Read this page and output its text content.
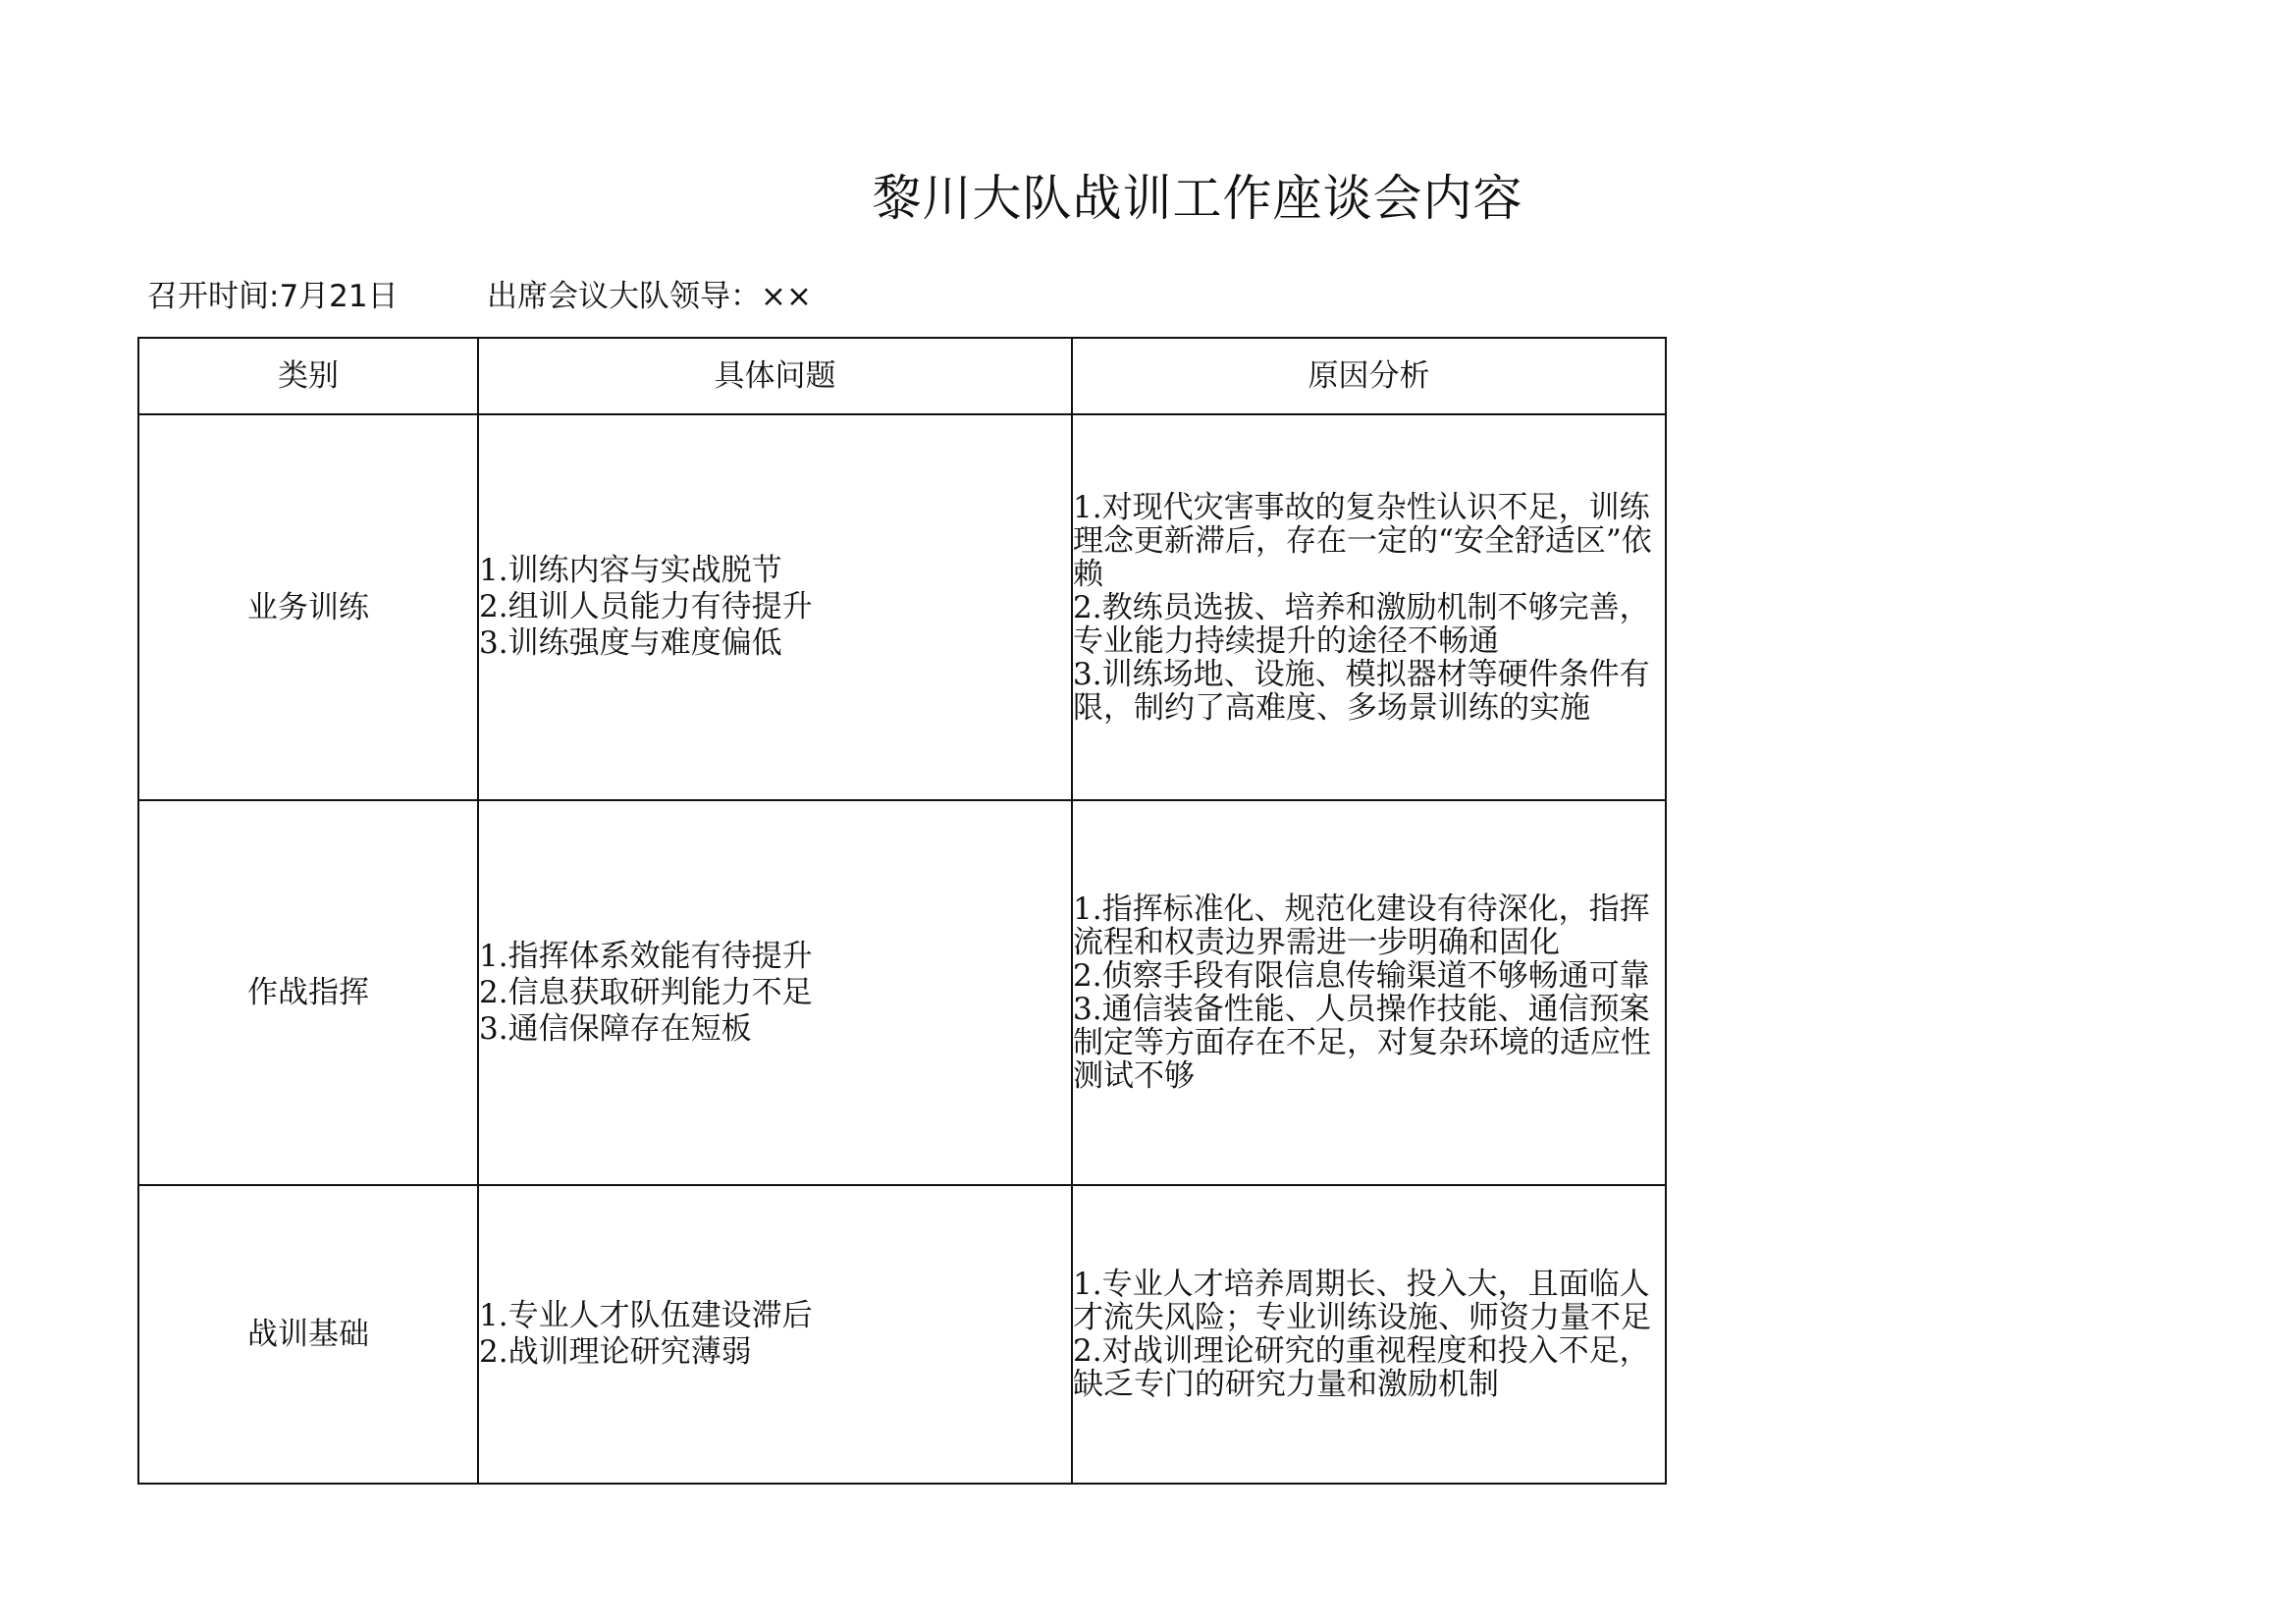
黎川大队战训工作座谈会内容
召开时间:7月21日	出席会议大队领导：××
类别	具体问题	原因分析
业务训练	1.训练内容与实战脱节
2.组训人员能力有待提升
3.训练强度与难度偏低	1.对现代灾害事故的复杂性认识不足，训练理念更新滞后，存在一定的“安全舒适区”依赖
2.教练员选拔、培养和激励机制不够完善，专业能力持续提升的途径不畅通
3.训练场地、设施、模拟器材等硬件条件有限，制约了高难度、多场景训练的实施

作战指挥	1.指挥体系效能有待提升
2.信息获取研判能力不足
3.通信保障存在短板	1.指挥标准化、规范化建设有待深化，指挥流程和权责边界需进一步明确和固化
2.侦察手段有限信息传输渠道不够畅通可靠
3.通信装备性能、人员操作技能、通信预案制定等方面存在不足，对复杂环境的适应性测试不够

战训基础	1.专业人才队伍建设滞后
2.战训理论研究薄弱	1.专业人才培养周期长、投入大，且面临人才流失风险；专业训练设施、师资力量不足
2.对战训理论研究的重视程度和投入不足，缺乏专门的研究力量和激励机制
